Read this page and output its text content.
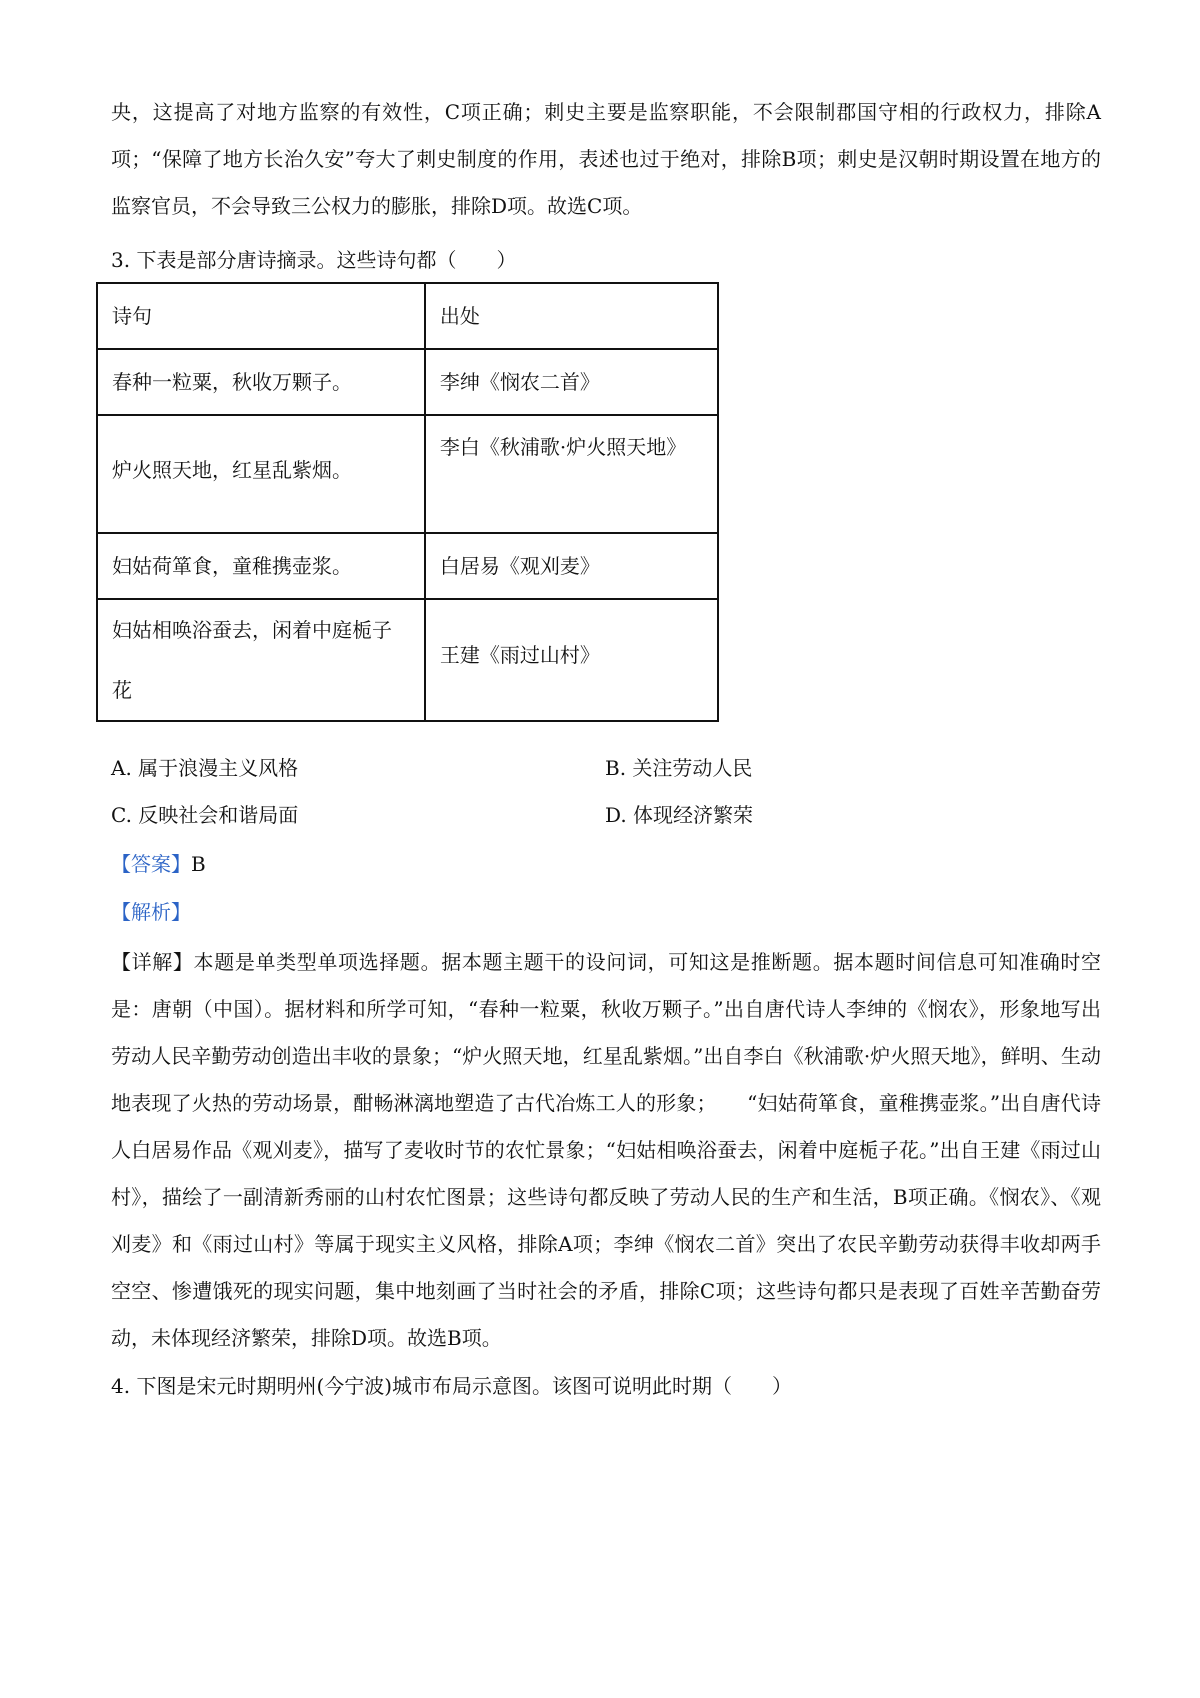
央，这提高了对地方监察的有效性，C项正确；刺史主要是监察职能，不会限制郡国守相的行政权力，排除A项；“保障了地方长治久安”夸大了刺史制度的作用，表述也过于绝对，排除B项；刺史是汉朝时期设置在地方的监察官员，不会导致三公权力的膨胀，排除D项。故选C项。

3. 下表是部分唐诗摘录。这些诗句都（　　）
诗句	出处
春种一粒粟，秋收万颗子。	李绅《悯农二首》
炉火照天地，红星乱紫烟。	李白《秋浦歌·炉火照天地》
妇姑荷箪食，童稚携壶浆。	白居易《观刈麦》
妇姑相唤浴蚕去，闲着中庭栀子花	王建《雨过山村》
A. 属于浪漫主义风格	B. 关注劳动人民
C. 反映社会和谐局面	D. 体现经济繁荣
【答案】B
【解析】

【详解】本题是单类型单项选择题。据本题主题干的设问词，可知这是推断题。据本题时间信息可知准确时空是：唐朝（中国）。据材料和所学可知，“春种一粒粟，秋收万颗子。”出自唐代诗人李绅的《悯农》，形象地写出劳动人民辛勤劳动创造出丰收的景象；“炉火照天地，红星乱紫烟。”出自李白《秋浦歌·炉火照天地》，鲜明、生动地表现了火热的劳动场景，酣畅淋漓地塑造了古代冶炼工人的形象；　　“妇姑荷箪食，童稚携壶浆。”出自唐代诗人白居易作品《观刈麦》，描写了麦收时节的农忙景象；“妇姑相唤浴蚕去，闲着中庭栀子花。”出自王建《雨过山村》，描绘了一副清新秀丽的山村农忙图景；这些诗句都反映了劳动人民的生产和生活，B项正确。《悯农》、《观刈麦》和《雨过山村》等属于现实主义风格，排除A项；李绅《悯农二首》突出了农民辛勤劳动获得丰收却两手空空、惨遭饿死的现实问题，集中地刻画了当时社会的矛盾，排除C项；这些诗句都只是表现了百姓辛苦勤奋劳动，未体现经济繁荣，排除D项。故选B项。

4. 下图是宋元时期明州(今宁波)城市布局示意图。该图可说明此时期（　　）
